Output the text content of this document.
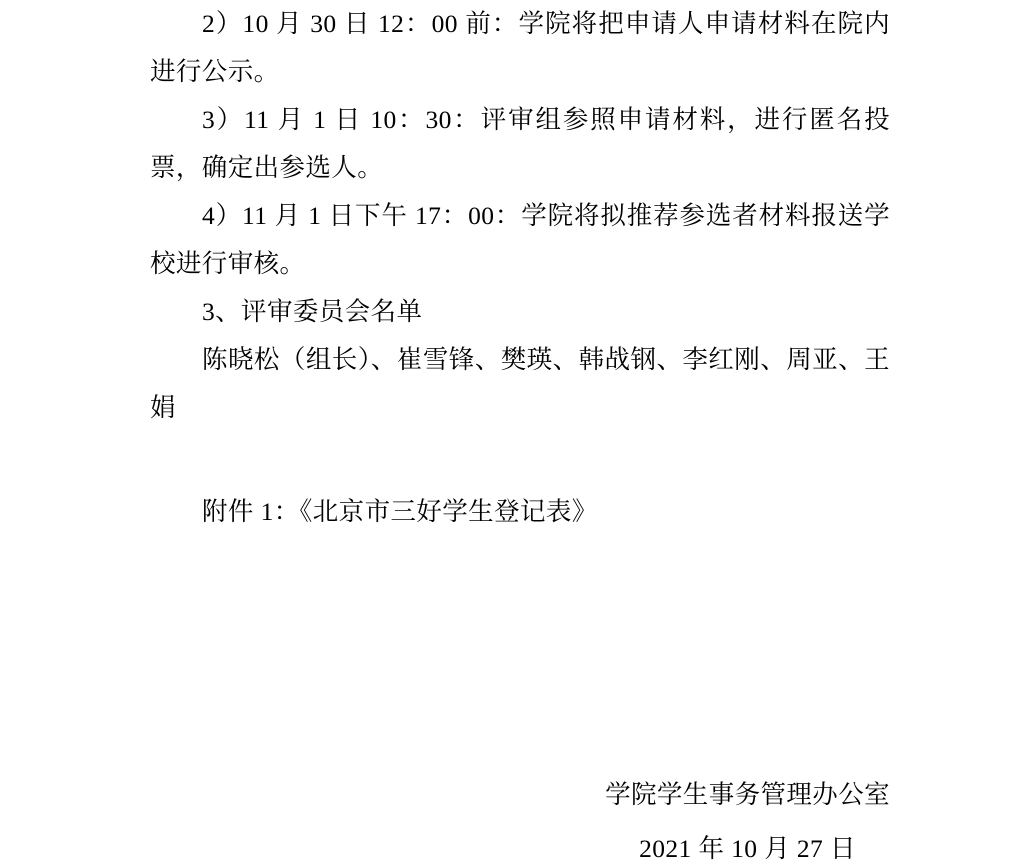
2）10 月 30 日 12：00 前：学院将把申请人申请材料在院内进行公示。

3）11 月 1 日 10：30：评审组参照申请材料，进行匿名投票，确定出参选人。

4）11 月 1 日下午 17：00：学院将拟推荐参选者材料报送学校进行审核。

3、评审委员会名单

陈晓松（组长）、崔雪锋、樊瑛、韩战钢、李红刚、周亚、王娟

附件 1：《北京市三好学生登记表》

学院学生事务管理办公室
2021 年 10 月 27 日
